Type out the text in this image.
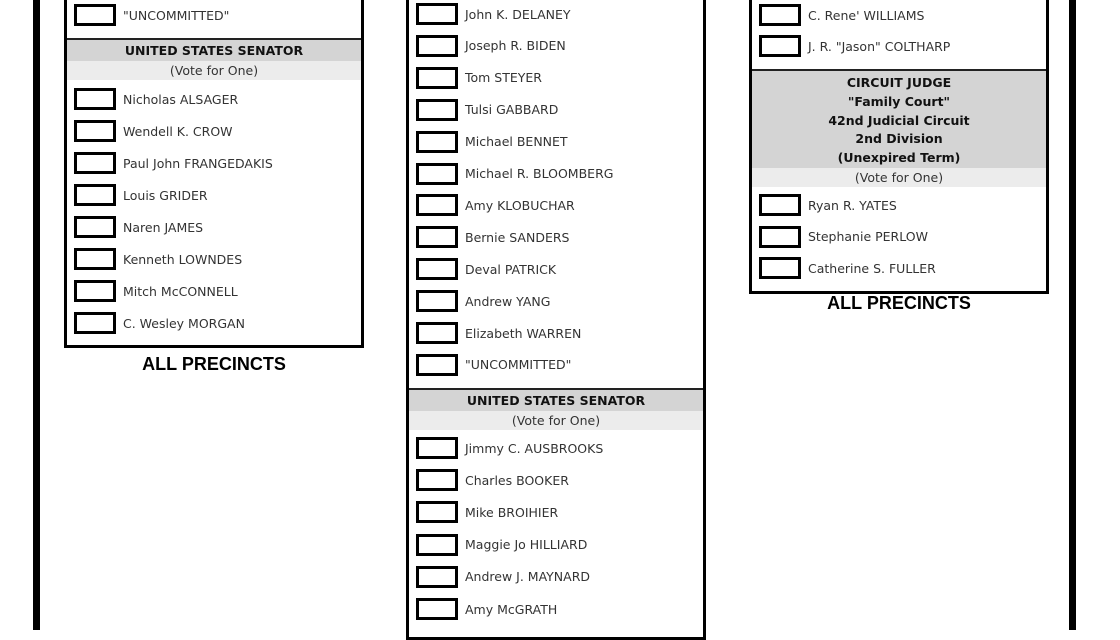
"UNCOMMITTED"
UNITED STATES SENATOR
(Vote for One)
Nicholas ALSAGER
Wendell K. CROW
Paul John FRANGEDAKIS
Louis GRIDER
Naren JAMES
Kenneth LOWNDES
Mitch McCONNELL
C. Wesley MORGAN
ALL PRECINCTS
John K. DELANEY
Joseph R. BIDEN
Tom STEYER
Tulsi GABBARD
Michael BENNET
Michael R. BLOOMBERG
Amy KLOBUCHAR
Bernie SANDERS
Deval PATRICK
Andrew YANG
Elizabeth WARREN
"UNCOMMITTED"
UNITED STATES SENATOR
(Vote for One)
Jimmy C. AUSBROOKS
Charles BOOKER
Mike BROIHIER
Maggie Jo HILLIARD
Andrew J. MAYNARD
Amy McGRATH
C. Rene' WILLIAMS
J. R. "Jason" COLTHARP
CIRCUIT JUDGE
"Family Court"
42nd Judicial Circuit
2nd Division
(Unexpired Term)
(Vote for One)
Ryan R. YATES
Stephanie PERLOW
Catherine S. FULLER
ALL PRECINCTS
